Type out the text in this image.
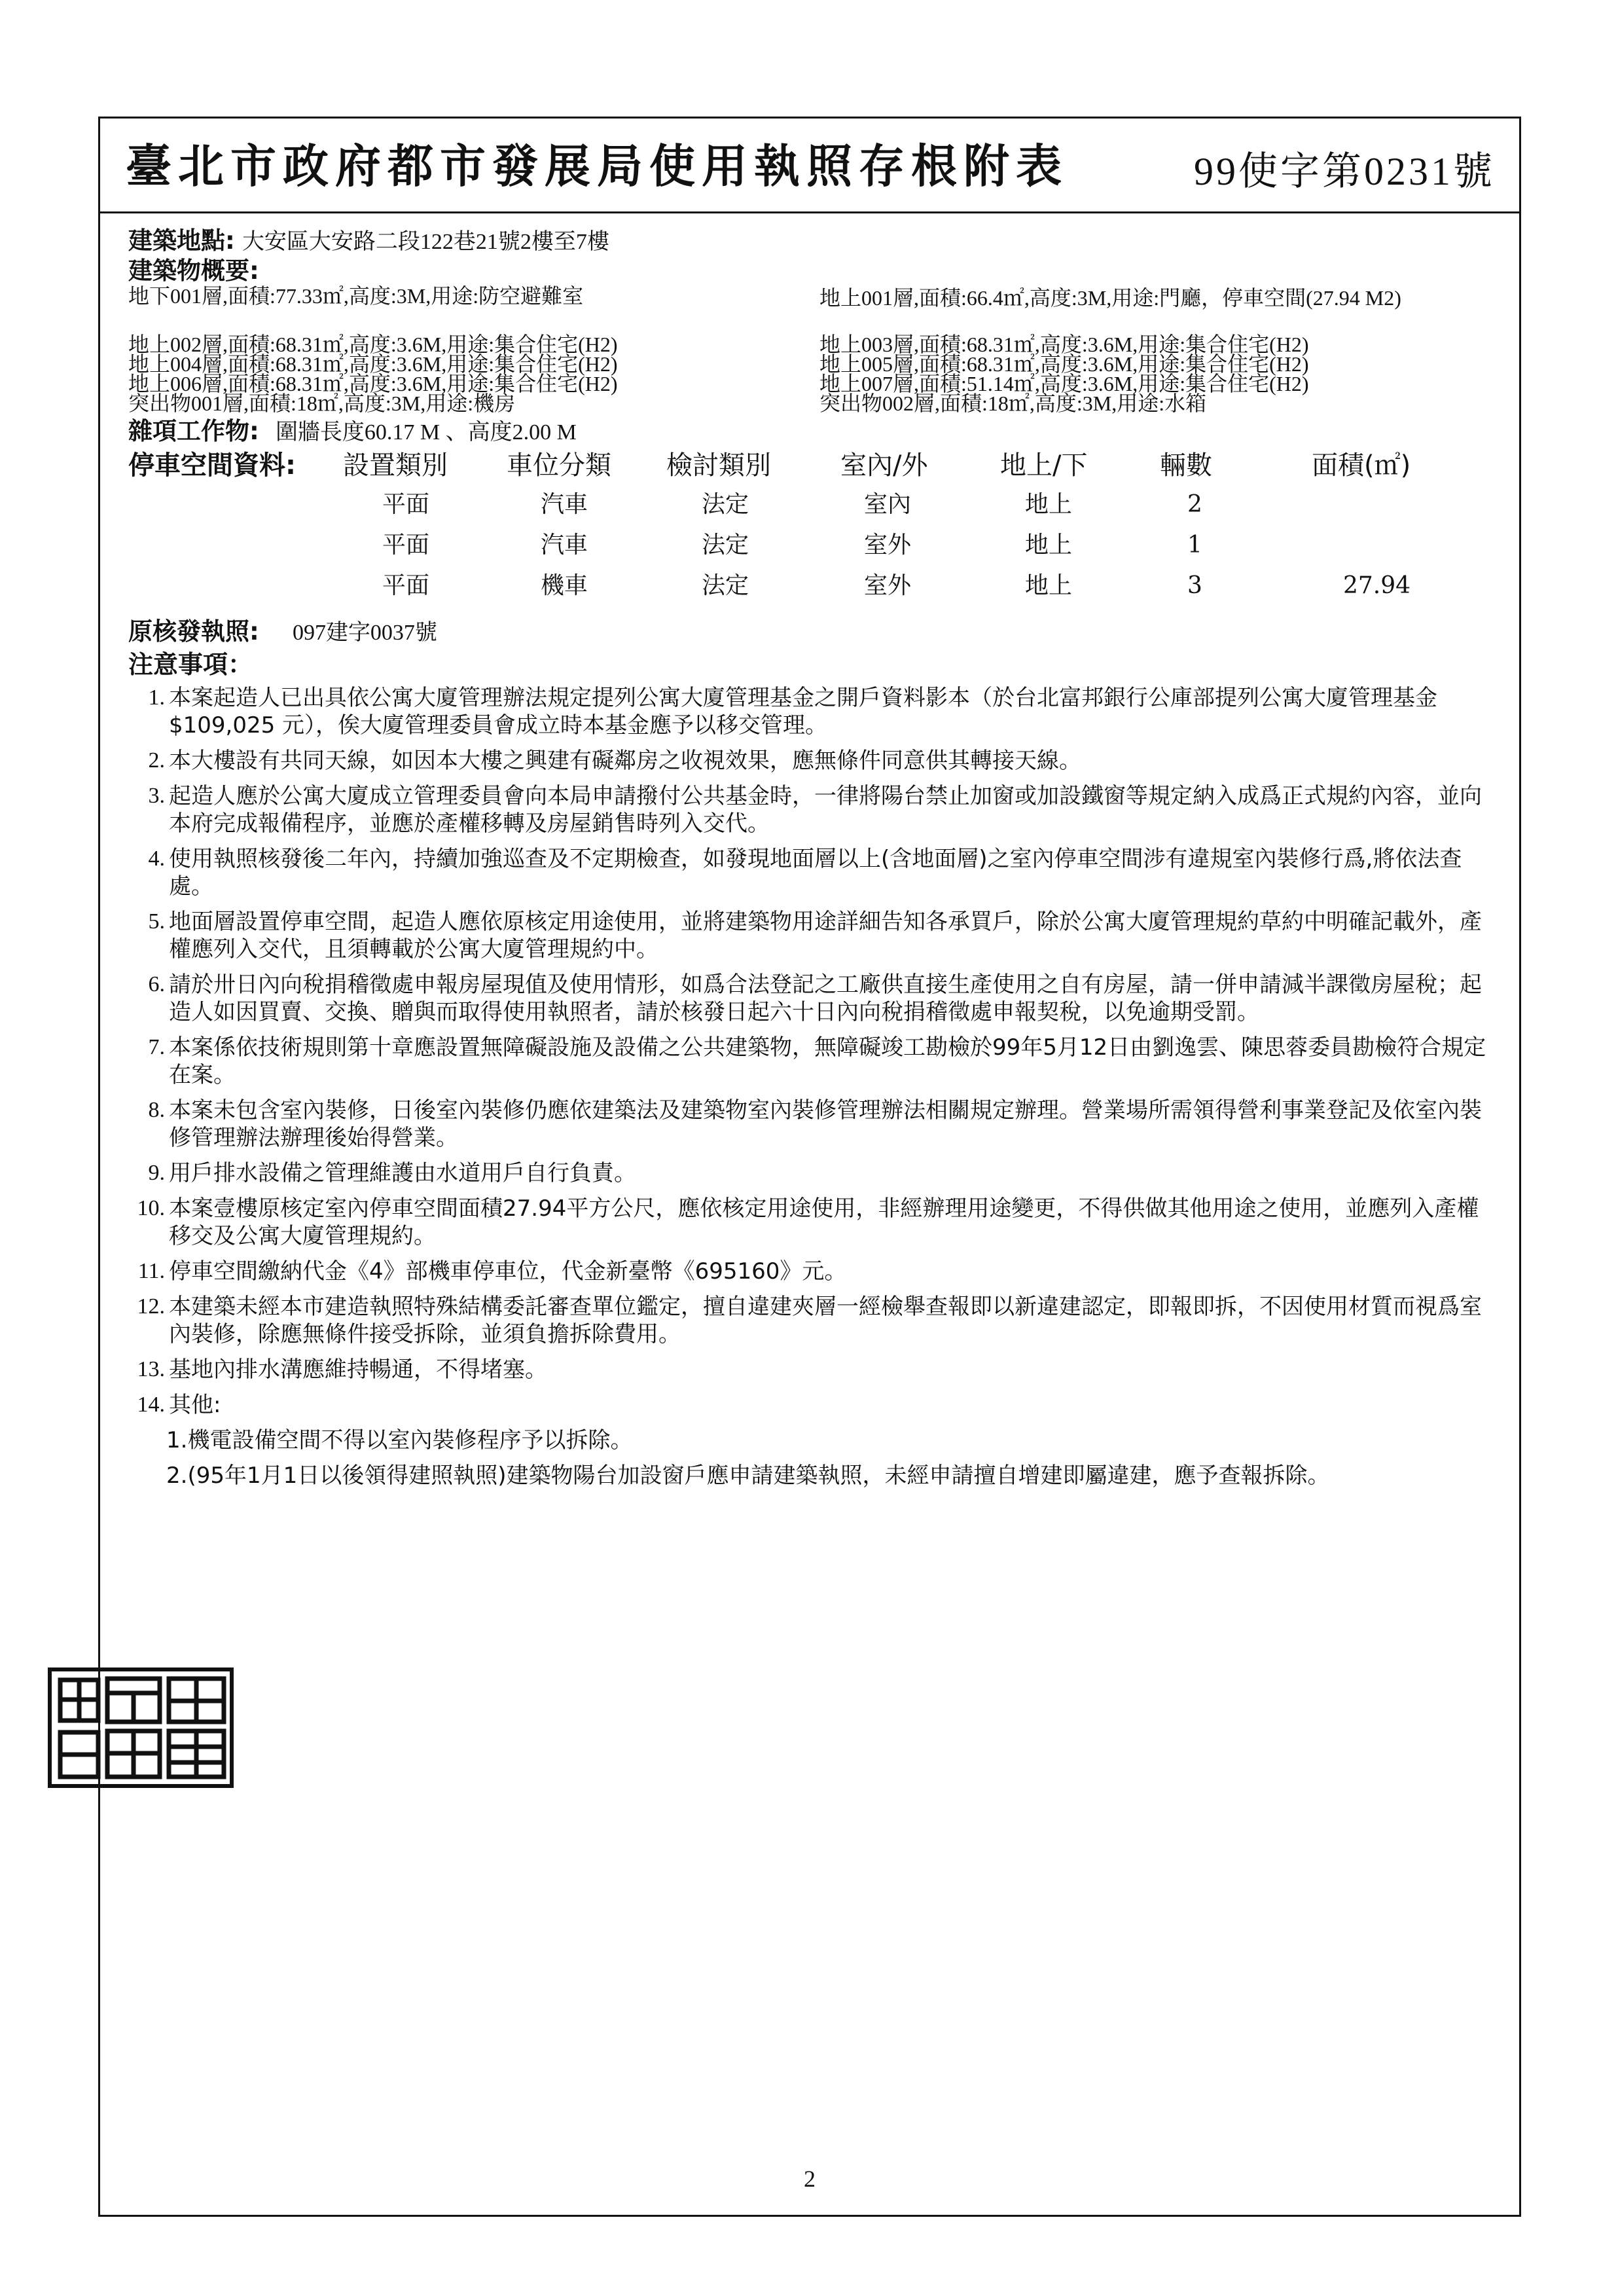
臺北市政府都市發展局使用執照存根附表	99使字第0231號
建築地點: 大安區大安路二段122巷21號2樓至7樓
建築物概要:
地下001層,面積:77.33㎡,高度:3M,用途:防空避難室	地上001層,面積:66.4㎡,高度:3M,用途:門廳，停車空間(27.94 M2)
地上002層,面積:68.31㎡,高度:3.6M,用途:集合住宅(H2)	地上003層,面積:68.31㎡,高度:3.6M,用途:集合住宅(H2)
地上004層,面積:68.31㎡,高度:3.6M,用途:集合住宅(H2)	地上005層,面積:68.31㎡,高度:3.6M,用途:集合住宅(H2)
地上006層,面積:68.31㎡,高度:3.6M,用途:集合住宅(H2)	地上007層,面積:51.14㎡,高度:3.6M,用途:集合住宅(H2)
突出物001層,面積:18㎡,高度:3M,用途:機房	突出物002層,面積:18㎡,高度:3M,用途:水箱
雜項工作物: 圍牆長度60.17 M 、高度2.00 M
停車空間資料: 設置類別 車位分類 檢討類別	室內/外	地上/下	輛數	面積(㎡)
平面	汽車	法定	室內	地上	2
平面	汽車	法定	室外	地上	1
平面	機車	法定	室外	地上	3	27.94
原核發執照: 097建字0037號
注意事項：
1. 本案起造人已出具依公寓大廈管理辦法規定提列公寓大廈管理基金之開戶資料影本（於台北富邦銀行公庫部提列公寓大廈管理基金$109,025 元），俟大廈管理委員會成立時本基金應予以移交管理。
2. 本大樓設有共同天線，如因本大樓之興建有礙鄰房之收視效果，應無條件同意供其轉接天線。
3. 起造人應於公寓大廈成立管理委員會向本局申請撥付公共基金時，一律將陽台禁止加窗或加設鐵窗等規定納入成爲正式規約內容，並向本府完成報備程序，並應於產權移轉及房屋銷售時列入交代。
4. 使用執照核發後二年內，持續加強巡查及不定期檢查，如發現地面層以上(含地面層)之室內停車空間涉有違規室內裝修行爲,將依法查處。
5. 地面層設置停車空間，起造人應依原核定用途使用，並將建築物用途詳細告知各承買戶，除於公寓大廈管理規約草約中明確記載外，產權應列入交代，且須轉載於公寓大廈管理規約中。
6. 請於卅日內向稅捐稽徵處申報房屋現值及使用情形，如爲合法登記之工廠供直接生產使用之自有房屋，請一併申請減半課徵房屋稅；起造人如因買賣、交換、贈與而取得使用執照者，請於核發日起六十日內向稅捐稽徵處申報契稅，以免逾期受罰。
7. 本案係依技術規則第十章應設置無障礙設施及設備之公共建築物，無障礙竣工勘檢於99年5月12日由劉逸雲、陳思蓉委員勘檢符合規定在案。
8. 本案未包含室內裝修，日後室內裝修仍應依建築法及建築物室內裝修管理辦法相關規定辦理。營業場所需領得營利事業登記及依室內裝修管理辦法辦理後始得營業。
9. 用戶排水設備之管理維護由水道用戶自行負責。
10. 本案壹樓原核定室內停車空間面積27.94平方公尺，應依核定用途使用，非經辦理用途變更，不得供做其他用途之使用，並應列入產權移交及公寓大廈管理規約。
11. 停車空間繳納代金《4》部機車停車位，代金新臺幣《695160》元。
12. 本建築未經本市建造執照特殊結構委託審查單位鑑定，擅自違建夾層一經檢舉查報即以新違建認定，即報即拆，不因使用材質而視爲室內裝修，除應無條件接受拆除，並須負擔拆除費用。
13. 基地內排水溝應維持暢通，不得堵塞。
14. 其他:
1.機電設備空間不得以室內裝修程序予以拆除。
2.(95年1月1日以後領得建照執照)建築物陽台加設窗戶應申請建築執照，未經申請擅自增建即屬違建，應予查報拆除。
2
